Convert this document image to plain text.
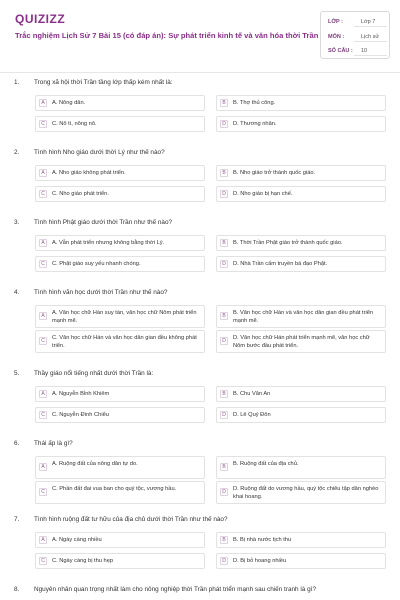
QUIZIZZ
Trắc nghiệm Lịch Sử 7 Bài 15 (có đáp án): Sự phát triển kinh tế và văn hóa thời Trần
LỚP :	Lớp 7
MÔN :	Lịch sử
SỐ CÂU :	10
1. Trong xã hội thời Trần tầng lớp thấp kém nhất là:
A	A. Nông dân.	B	B. Thợ thủ công.
C	C. Nô tì, nông nô.	D	D. Thương nhân.
2. Tình hình Nho giáo dưới thời Lý như thế nào?
A	A. Nho giáo không phát triển.	B	B. Nho giáo trở thành quốc giáo.
C	C. Nho giáo phát triển.	D	D. Nho giáo bị hạn chế.
3. Tình hình Phật giáo dưới thời Trần như thế nào?
A	A. Vẫn phát triển nhưng không bằng thời Lý.	B	B. Thời Trần Phật giáo trở thành quốc giáo.
C	C. Phật giáo suy yếu nhanh chóng.	D	D. Nhà Trần cấm truyền bá đạo Phật.
4. Tình hình văn học dưới thời Trần như thế nào?
A	A. Văn học chữ Hán suy tàn, văn học chữ Nôm phát triển mạnh mẽ.
B	B. Văn học chữ Hán và văn học dân gian đều phát triển mạnh mẽ.
C	C. Văn học chữ Hán và văn học dân gian đều không phát triển.
D	D. Văn học chữ Hán phát triển mạnh mẽ, văn học chữ Nôm bước đầu phát triển.
5. Thầy giáo nổi tiếng nhất dưới thời Trần là:
A	A. Nguyễn Bỉnh Khiêm	B	B. Chu Văn An
C	C. Nguyễn Đình Chiểu	D	D. Lê Quý Đôn
6. Thái ấp là gì?
A	A. Ruộng đất của nông dân tự do.	B	B. Ruộng đất của địa chủ.
C	C. Phần đất đai vua ban cho quý tộc, vương hầu.	D	D. Ruộng đất do vương hầu, quý tộc chiêu tập dân nghèo khai hoang.
7. Tình hình ruộng đất tư hữu của địa chủ dưới thời Trần như thế nào?
A	A. Ngày càng nhiều	B	B. Bị nhà nước tịch thu
C	C. Ngày càng bị thu hẹp	D	D. Bị bỏ hoang nhiều
8. Nguyên nhân quan trọng nhất làm cho nông nghiệp thời Trần phát triển mạnh sau chiến tranh là gì?
